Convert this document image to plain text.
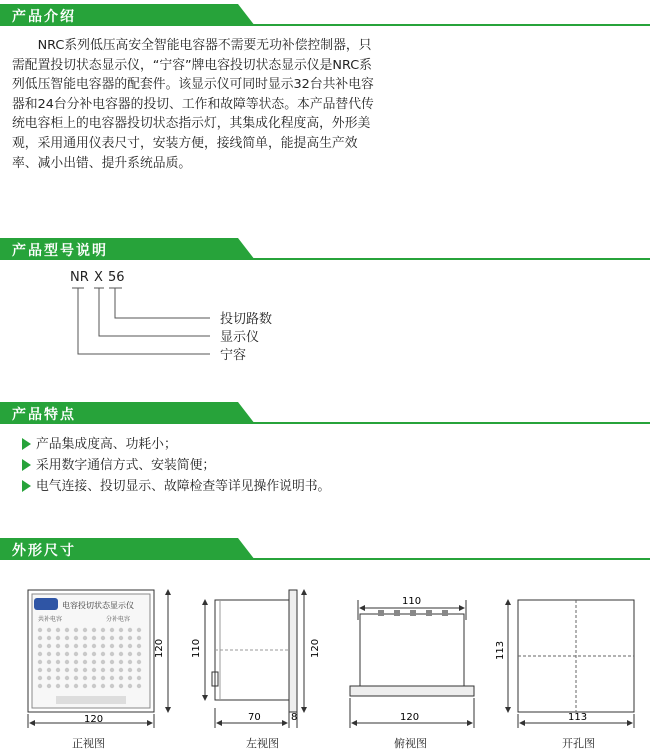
产品介绍
NRC系列低压高安全智能电容器不需要无功补偿控制器，只需配置投切状态显示仪，“宁容”牌电容投切状态显示仪是NRC系列低压智能电容器的配套件。该显示仪可同时显示32台共补电容器和24台分补电容器的投切、工作和故障等状态。本产品替代传统电容柜上的电容器投切状态指示灯，其集成化程度高，外形美观，采用通用仪表尺寸，安装方便，接线简单，能提高生产效率、减小出错、提升系统品质。
产品型号说明
NR X 56
投切路数
显示仪
宁容
产品特点
产品集成度高、功耗小；
采用数字通信方式、安装简便；
电气连接、投切显示、故障检查等详见操作说明书。
外形尺寸
电容投切状态显示仪
共补电容	分补电容
120
120	110	120
70	8
110
120
113
113
正视图	左视图	俯视图	开孔图
